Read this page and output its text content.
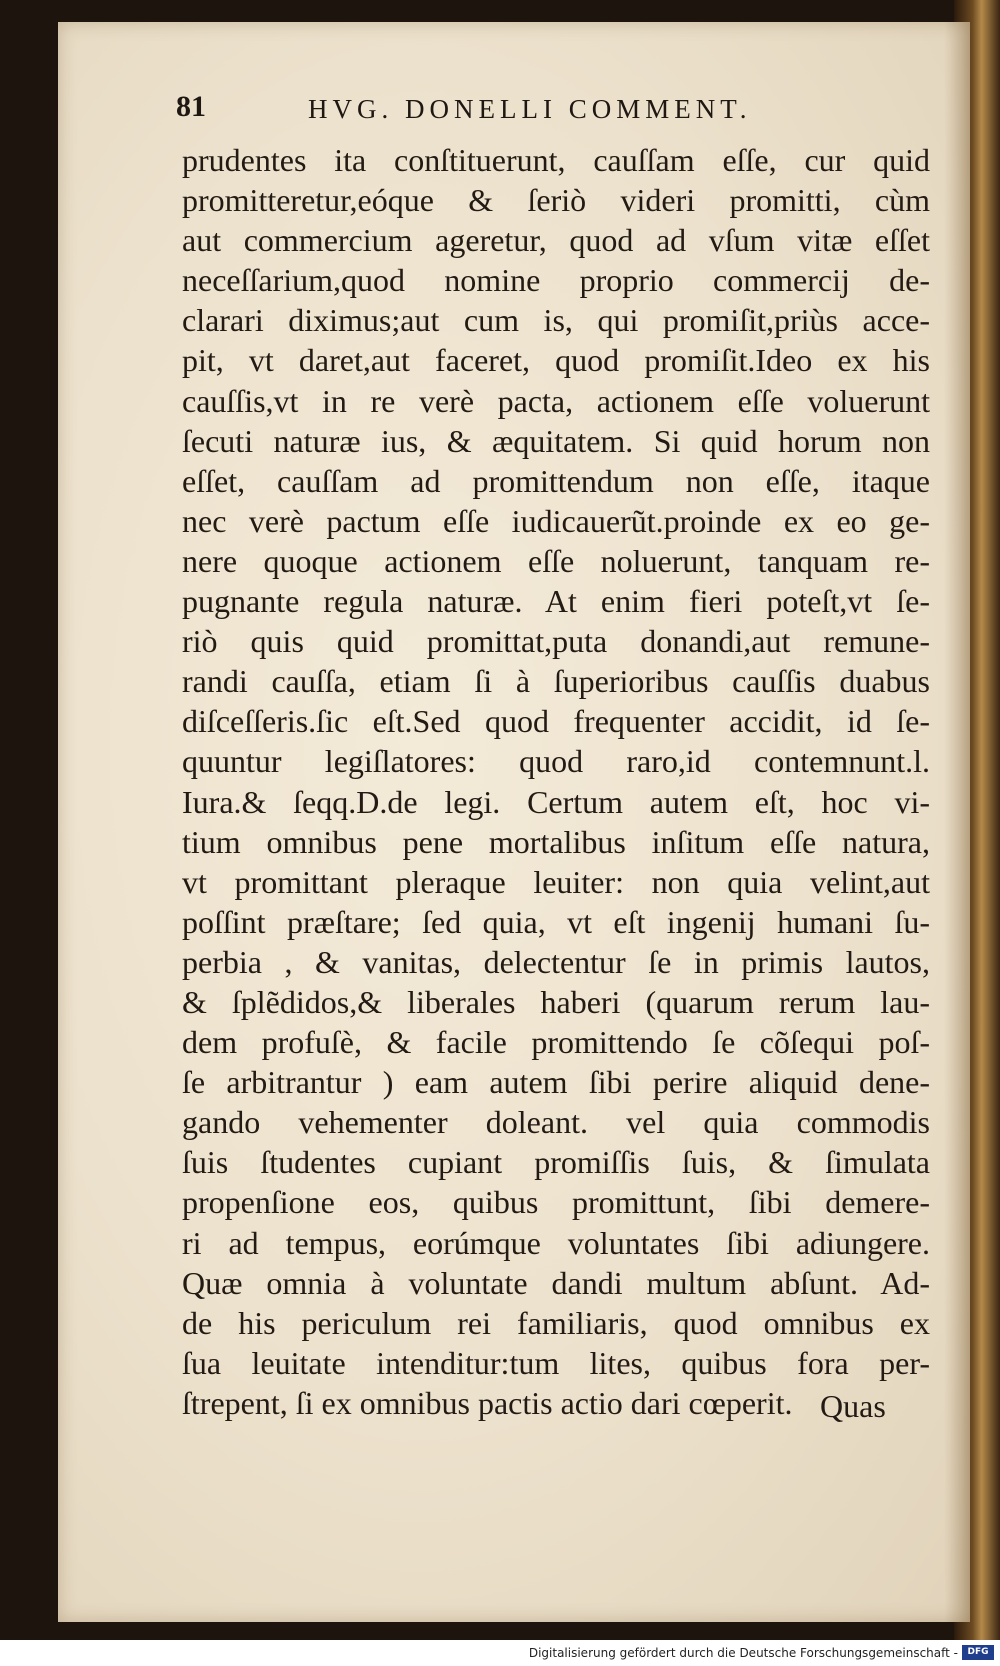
81	HVG. DONELLI COMMENT.
prudentes ita conſtituerunt, cauſſam eſſe, cur quid
promitteretur,eóque & ſeriò videri promitti, cùm
aut commercium ageretur, quod ad vſum vitæ eſſet
neceſſarium,quod nomine proprio commercij de-
clarari diximus;aut cum is, qui promiſit,priùs acce-
pit, vt daret,aut faceret, quod promiſit.Ideo ex his
cauſſis,vt in re verè pacta, actionem eſſe voluerunt
ſecuti naturæ ius, & æquitatem. Si quid horum non
eſſet, cauſſam ad promittendum non eſſe, itaque
nec verè pactum eſſe iudicauerũt.proinde ex eo ge-
nere quoque actionem eſſe noluerunt, tanquam re-
pugnante regula naturæ. At enim fieri poteſt,vt ſe-
riò quis quid promittat,puta donandi,aut remune-
randi cauſſa, etiam ſi à ſuperioribus cauſſis duabus
diſceſſeris.ſic eſt.Sed quod frequenter accidit, id ſe-
quuntur legiſlatores: quod raro,id contemnunt.l.
Iura.& ſeqq.D.de legi. Certum autem eſt, hoc vi-
tium omnibus pene mortalibus inſitum eſſe natura,
vt promittant pleraque leuiter: non quia velint,aut
poſſint præſtare; ſed quia, vt eſt ingenij humani ſu-
perbia , & vanitas, delectentur ſe in primis lautos,
& ſplẽdidos,& liberales haberi (quarum rerum lau-
dem profuſè, & facile promittendo ſe cõſequi poſ-
ſe arbitrantur ) eam autem ſibi perire aliquid dene-
gando vehementer doleant. vel quia commodis
ſuis ſtudentes cupiant promiſſis ſuis, & ſimulata
propenſione eos, quibus promittunt, ſibi demere-
ri ad tempus, eorúmque voluntates ſibi adiungere.
Quæ omnia à voluntate dandi multum abſunt. Ad-
de his periculum rei familiaris, quod omnibus ex
ſua leuitate intenditur:tum lites, quibus fora per-
ſtrepent, ſi ex omnibus pactis actio dari cœperit. Quas
Digitalisierung gefördert durch die Deutsche Forschungsgemeinschaft -	DFG
